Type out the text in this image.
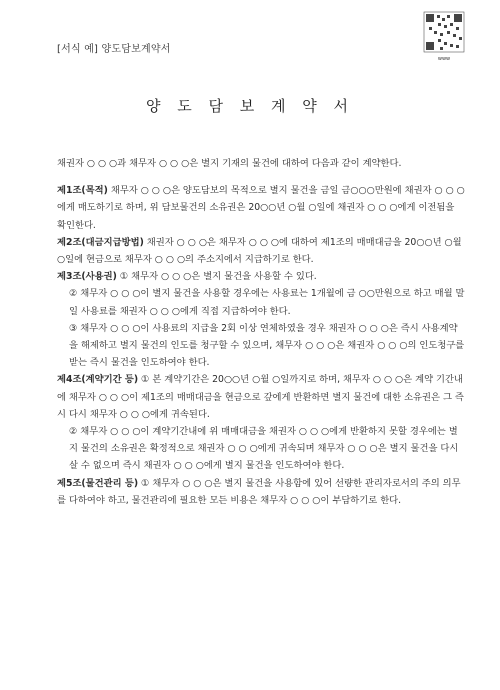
[서식 예] 양도담보계약서
www
양 도 담 보 계 약 서

채권자 ○ ○ ○과 채무자 ○ ○ ○은 별지 기재의 물건에 대하여 다음과 같이 계약한다.

제1조(목적) 채무자 ○ ○ ○은 양도담보의 목적으로 별지 물건을 금일 금○○○만원에 채권자 ○ ○ ○에게 매도하기로 하며, 위 담보물건의 소유권은 20○○년 ○월 ○일에 채권자 ○ ○ ○에게 이전됨을 확인한다.

제2조(대금지급방법) 채권자 ○ ○ ○은 채무자 ○ ○ ○에 대하여 제1조의 매매대금을 20○○년 ○월 ○일에 현금으로 채무자 ○ ○ ○의 주소지에서 지급하기로 한다.

제3조(사용권) ① 채무자 ○ ○ ○은 별지 물건을 사용할 수 있다.

② 채무자 ○ ○ ○이 별지 물건을 사용할 경우에는 사용료는 1개월에 금 ○○만원으로 하고 매월 말일 사용료를 채권자 ○ ○ ○에게 직접 지급하여야 한다.

③ 채무자 ○ ○ ○이 사용료의 지급을 2회 이상 연체하였을 경우 채권자 ○ ○ ○은 즉시 사용계약을 해제하고 별지 물건의 인도를 청구할 수 있으며, 채무자 ○ ○ ○은 채권자 ○ ○ ○의 인도청구를 받는 즉시 물건을 인도하여야 한다.

제4조(계약기간 등) ① 본 계약기간은 20○○년 ○월 ○일까지로 하며, 채무자 ○ ○ ○은 계약 기간내에 채무자 ○ ○ ○이 제1조의 매매대금을 현금으로 갚에게 반환하면 별지 물건에 대한 소유권은 그 즉시 다시 채무자 ○ ○ ○에게 귀속된다.

② 채무자 ○ ○ ○이 계약기간내에 위 매매대금을 채권자 ○ ○ ○에게 반환하지 못할 경우에는 별지 물건의 소유권은 확정적으로 채권자 ○ ○ ○에게 귀속되며 채무자 ○ ○ ○은 별지 물건을 다시 살 수 없으며 즉시 채권자 ○ ○ ○에게 별지 물건을 인도하여야 한다.

제5조(물건관리 등) ① 채무자 ○ ○ ○은 별지 물건을 사용함에 있어 선량한 관리자로서의 주의 의무를 다하여야 하고, 물건관리에 필요한 모든 비용은 채무자 ○ ○ ○이 부담하기로 한다.
